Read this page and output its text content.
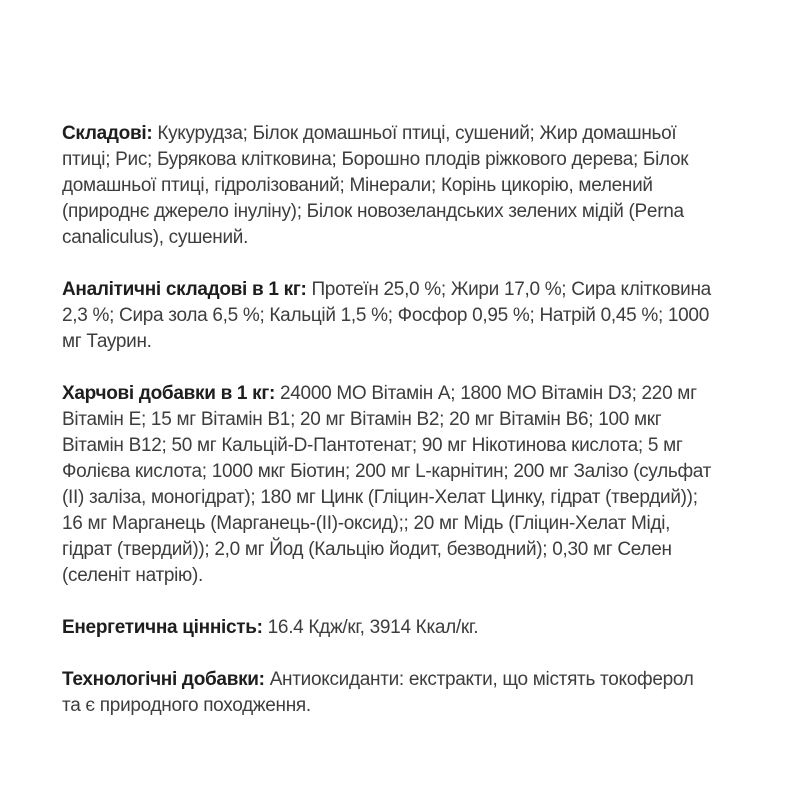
Складові: Кукурудза; Білок домашньої птиці, сушений; Жир домашньої птиці; Рис; Бурякова клітковина; Борошно плодів ріжкового дерева; Білок домашньої птиці, гідролізований; Мінерали; Корінь цикорію, мелений (природнє джерело інуліну); Білок новозеландських зелених мідій (Perna canaliculus), сушений.

Аналітичні складові в 1 кг: Протеїн 25,0 %; Жири 17,0 %; Сира клітковина 2,3 %; Сира зола 6,5 %; Кальцій 1,5 %; Фосфор 0,95 %; Натрій 0,45 %; 1000 мг Таурин.

Харчові добавки в 1 кг: 24000 МО Вітамін A; 1800 МО Вітамін D3; 220 мг Вітамін E; 15 мг Вітамін B1; 20 мг Вітамін B2; 20 мг Вітамін B6; 100 мкг Вітамін B12; 50 мг Кальцій-D-Пантотенат; 90 мг Нікотинова кислота; 5 мг Фолієва кислота; 1000 мкг Біотин; 200 мг L-карнітин; 200 мг Залізо (сульфат (II) заліза, моногідрат); 180 мг Цинк (Гліцин-Хелат Цинку, гідрат (твердий)); 16 мг Марганець (Марганець-(II)-оксид);; 20 мг Мідь (Гліцин-Хелат Міді, гідрат (твердий)); 2,0 мг Йод (Кальцію йодит, безводний); 0,30 мг Селен (селеніт натрію).

Енергетична цінність: 16.4 Кдж/кг, 3914 Ккал/кг.

Технологічні добавки: Антиоксиданти: екстракти, що містять токоферол та є природного походження.
